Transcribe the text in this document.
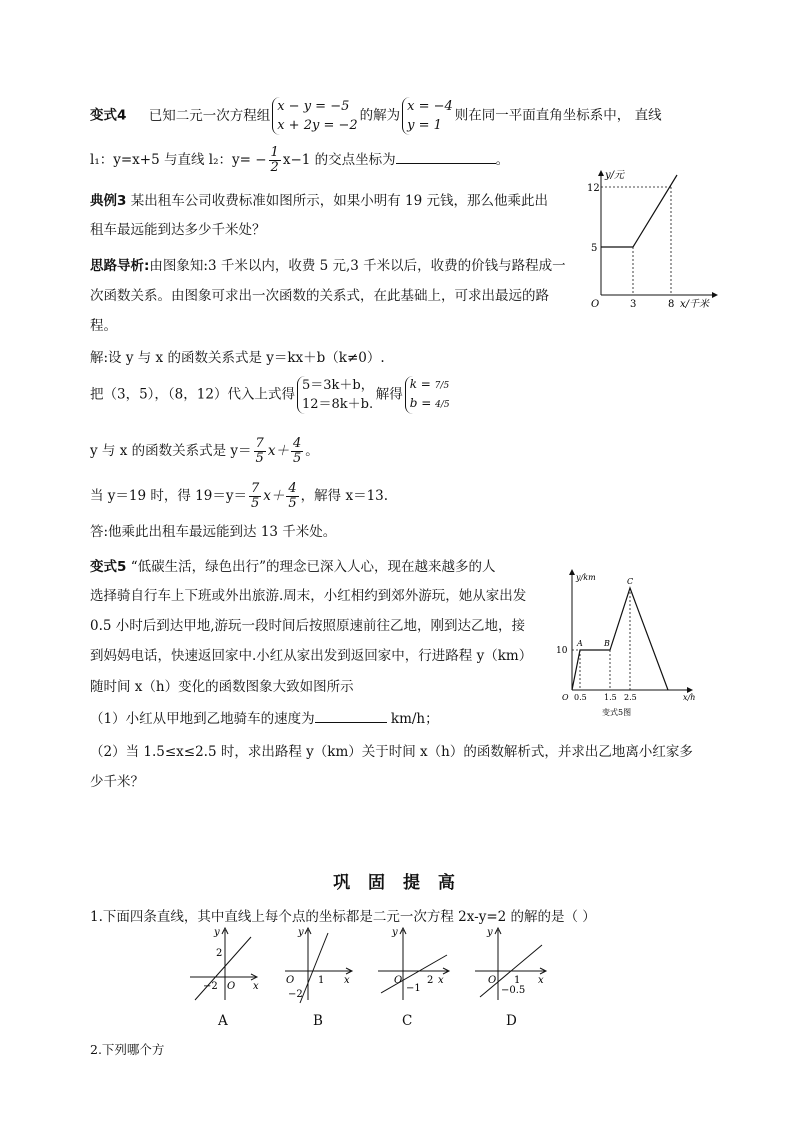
变式4 已知二元一次方程组
x − y = −5
x + 2y = −2
的解为
x = −4
y = 1
则在同一平面直角坐标系中， 直线
l₁：y=x+5 与直线 l₂：$y= - \frac{1}{2} x-1$ 的交点坐标为	。
典例3 某出租车公司收费标准如图所示，如果小明有 19 元钱，那么他乘此出
租车最远能到达多少千米处？
思路导析:由图象知:3 千米以内，收费 5 元,3 千米以后，收费的价钱与路程成一
次函数关系。由图象可求出一次函数的关系式，在此基础上，可求出最远的路
程。
解:设 y 与 x 的函数关系式是 y＝kx＋b（k≠0）.
把（3，5），（8，12）代入上式得
5＝3k＋b，
12＝8k＋b.
解得
k = 7/5
b = 4/5
y 与 x 的函数关系式是 $y= \frac{7}{5} x+ \frac{4}{5}$ 。
当 y＝19 时，得 $19=y= \frac{7}{5} x+ \frac{4}{5}$ ，解得 x＝13.
答:他乘此出租车最远能到达 13 千米处。
y/元
12
5
O	3	8 x/千米
变式5 “低碳生活，绿色出行”的理念已深入人心，现在越来越多的人
选择骑自行车上下班或外出旅游.周末，小红相约到郊外游玩，她从家出发
0.5 小时后到达甲地,游玩一段时间后按照原速前往乙地，刚到达乙地，接
到妈妈电话，快速返回家中.小红从家出发到返回家中，行进路程 y（km）
随时间 x（h）变化的函数图象大致如图所示
（1）小红从甲地到乙地骑车的速度为	km/h；
（2）当 1.5≤x≤2.5 时，求出路程 y（km）关于时间 x（h）的函数解析式，并求出乙地离小红家多
少千米？
y/km
A	B
C
10
O 0.5 1.5 2.5	x/h
变式5图
巩 固 提 高
1.下面四条直线，其中直线上每个点的坐标都是二元一次方程 2x-y=2 的解的是（ ）
y
2
−2 O x
A
y
O 1
−2
x
B
y
O 2
−1
x
C
y
O 1
−0.5
x
D
2.下列哪个方
